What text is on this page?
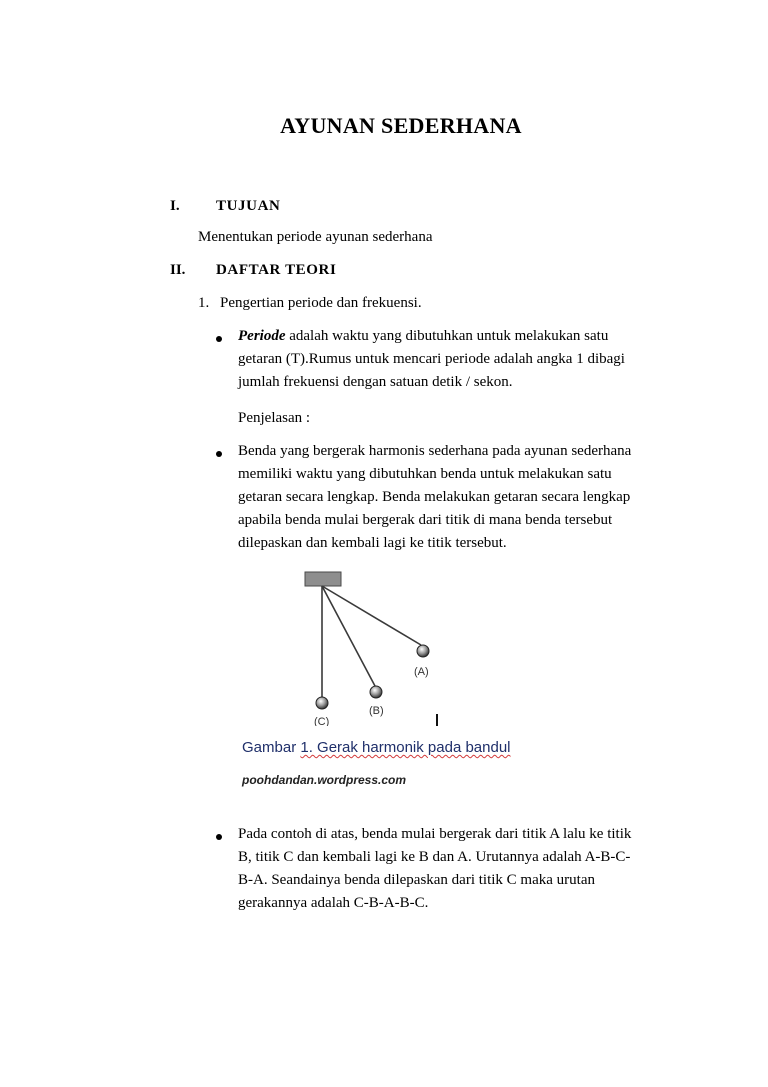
AYUNAN SEDERHANA
I. TUJUAN
Menentukan periode ayunan sederhana
II. DAFTAR TEORI
1. Pengertian periode dan frekuensi.
Periode adalah waktu yang dibutuhkan untuk melakukan satu
getaran (T).Rumus untuk mencari periode adalah angka 1 dibagi
jumlah frekuensi dengan satuan detik / sekon.
Penjelasan :
Benda yang bergerak harmonis sederhana pada ayunan sederhana
memiliki waktu yang dibutuhkan benda untuk melakukan satu
getaran secara lengkap. Benda melakukan getaran secara lengkap
apabila benda mulai bergerak dari titik di mana benda tersebut
dilepaskan dan kembali lagi ke titik tersebut.
(A)
(B)
(C)
Gambar 1. Gerak harmonik pada bandul
poohdandan.wordpress.com
Pada contoh di atas, benda mulai bergerak dari titik A lalu ke titik
B, titik C dan kembali lagi ke B dan A. Urutannya adalah A-B-C-
B-A. Seandainya benda dilepaskan dari titik C maka urutan
gerakannya adalah C-B-A-B-C.
